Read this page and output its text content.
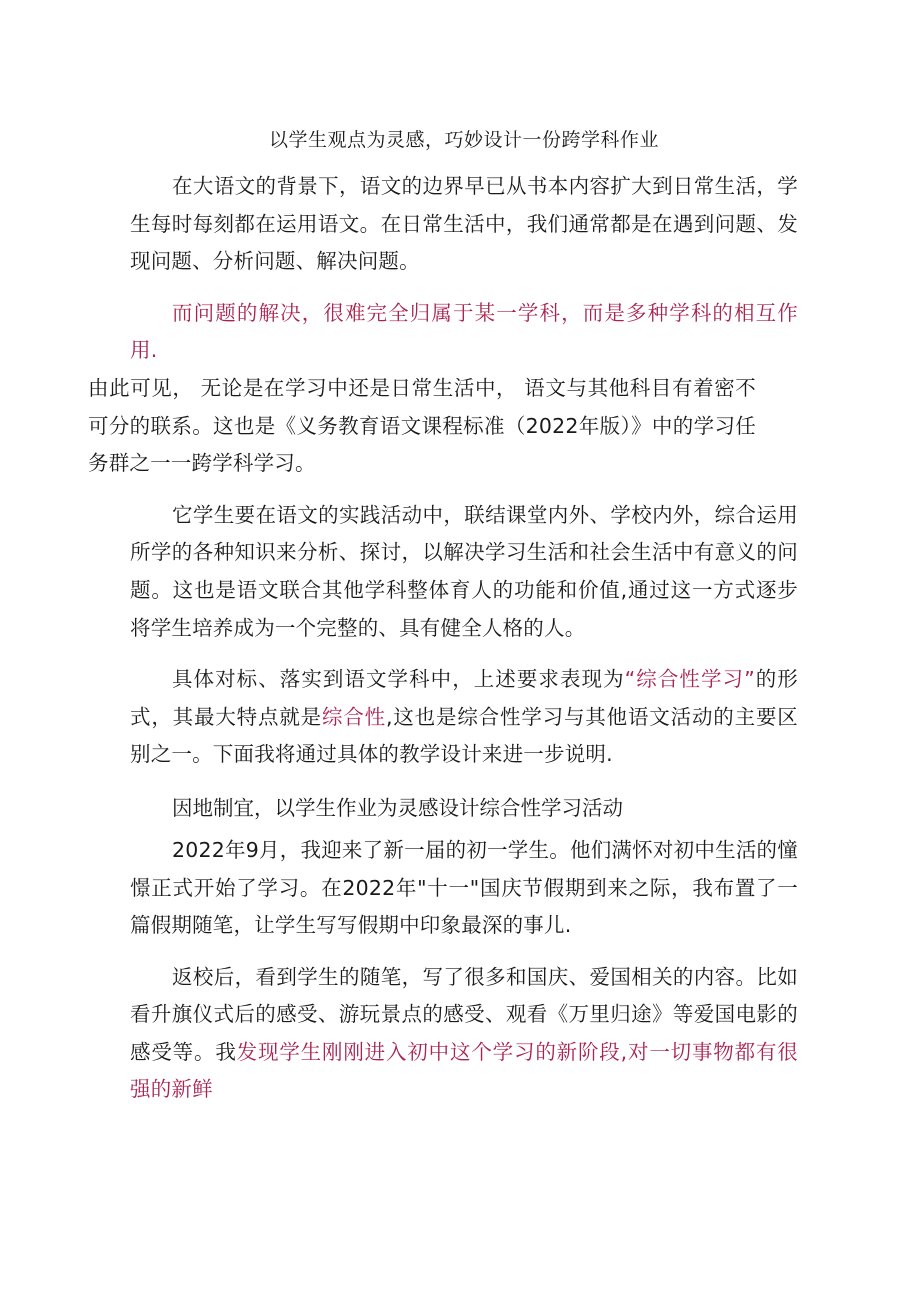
以学生观点为灵感，巧妙设计一份跨学科作业

在大语文的背景下，语文的边界早已从书本内容扩大到日常生活，学生每时每刻都在运用语文。在日常生活中，我们通常都是在遇到问题、发现问题、分析问题、解决问题。

而问题的解决，很难完全归属于某一学科，而是多种学科的相互作用.
由此可见， 无论是在学习中还是日常生活中， 语文与其他科目有着密不可分的联系。这也是《义务教育语文课程标准（2022年版）》中的学习任务群之一一跨学科学习。

它学生要在语文的实践活动中，联结课堂内外、学校内外，综合运用所学的各种知识来分析、探讨，以解决学习生活和社会生活中有意义的问题。这也是语文联合其他学科整体育人的功能和价值,通过这一方式逐步将学生培养成为一个完整的、具有健全人格的人。

具体对标、落实到语文学科中，上述要求表现为“综合性学习”的形式，其最大特点就是综合性,这也是综合性学习与其他语文活动的主要区别之一。下面我将通过具体的教学设计来进一步说明.

因地制宜，以学生作业为灵感设计综合性学习活动

2022年9月，我迎来了新一届的初一学生。他们满怀对初中生活的憧憬正式开始了学习。在2022年"十一"国庆节假期到来之际，我布置了一篇假期随笔，让学生写写假期中印象最深的事儿.

返校后，看到学生的随笔，写了很多和国庆、爱国相关的内容。比如看升旗仪式后的感受、游玩景点的感受、观看《万里归途》等爱国电影的感受等。我发现学生刚刚进入初中这个学习的新阶段,对一切事物都有很强的新鲜
